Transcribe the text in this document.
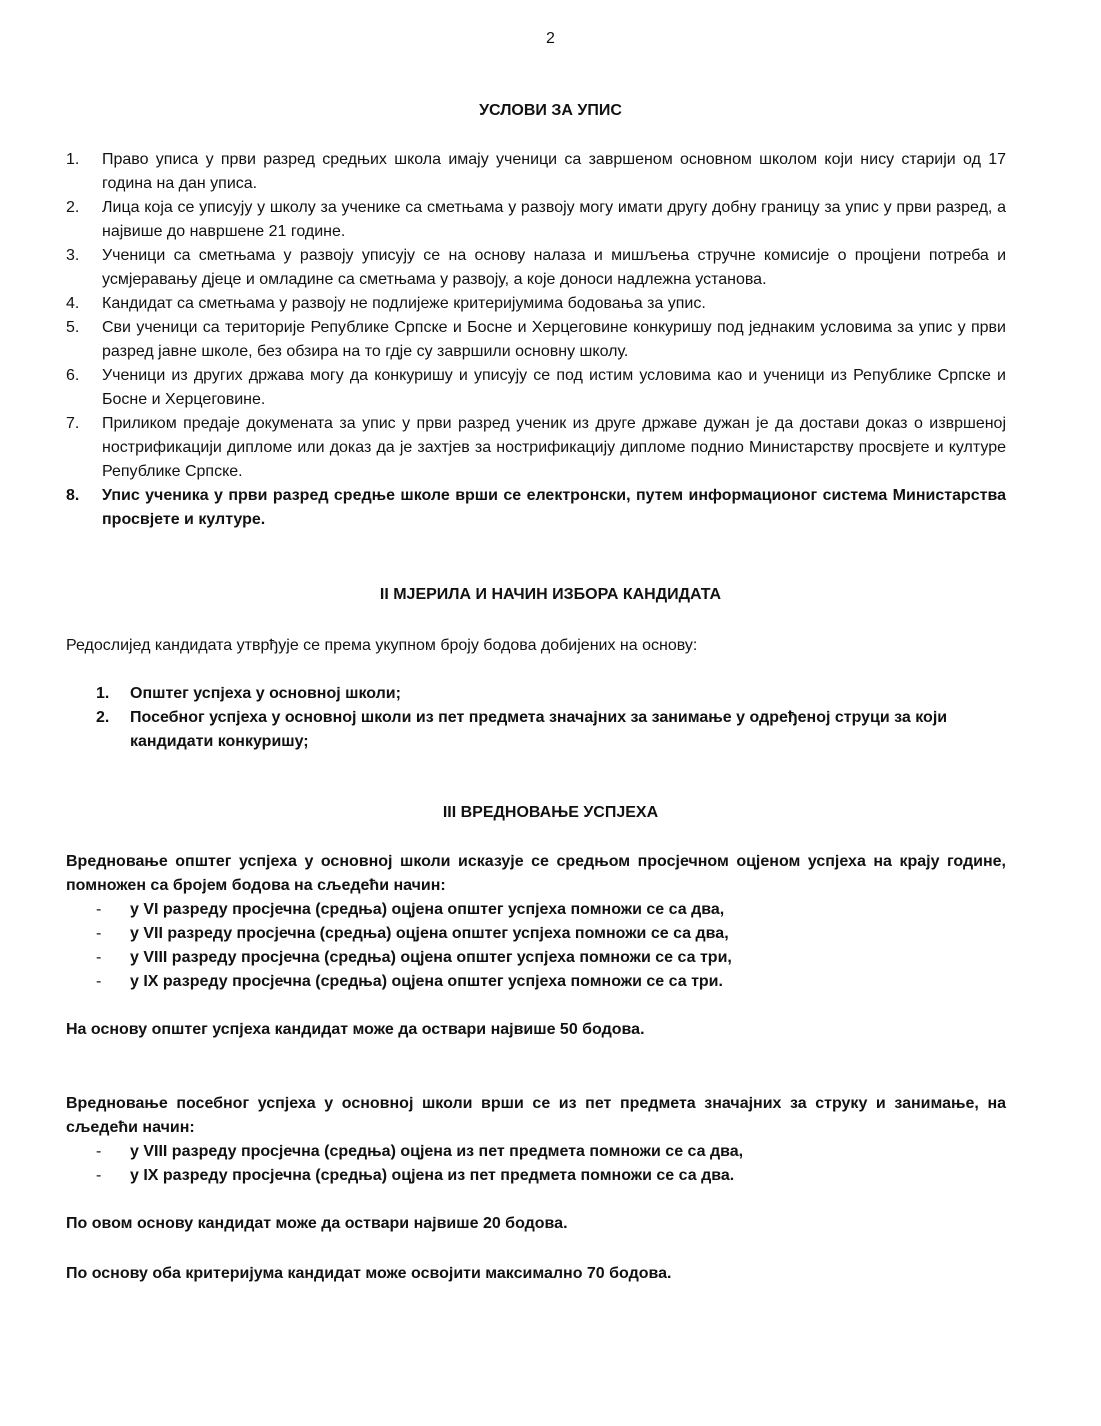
2
УСЛОВИ ЗА УПИС
1.	Право уписа у први разред средњих школа имају ученици са завршеном основном школом који нису старији од 17 година на дан уписа.
2.	Лица која се уписују у школу за ученике са сметњама у развоју могу имати другу добну границу за упис у први разред, а највише до навршене 21 године.
3.	Ученици са сметњама у развоју уписују се на основу налаза и мишљења стручне комисије о процјени потреба и усмјеравању дјеце и омладине са сметњама у развоју, а које доноси надлежна установа.
4.	Кандидат са сметњама у развоју не подлијеже критеријумима бодовања за упис.
5.	Сви ученици са територије Републике Српске и Босне и Херцеговине конкуришу под једнаким условима за упис у први разред јавне школе, без обзира на то гдје су завршили основну школу.
6.	Ученици из других држава могу да конкуришу и уписују се под истим условима као и ученици из Републике Српске и Босне и Херцеговине.
7.	Приликом предаје докумената за упис у први разред ученик из друге државе дужан је да достави доказ о извршеној нострификацији дипломе или доказ да је захтјев за нострификацију дипломе поднио Министарству просвјете и културе Републике Српске.
8.	Упис ученика у први разред средње школе врши се електронски, путем информационог система Министарства просвјете и културе.
II МЈЕРИЛА И НАЧИН ИЗБОРА КАНДИДАТА

Редослијед кандидата утврђује се према укупном броју бодова добијених на основу:

1.	Општег успјеха у основној школи;
2.	Посебног успјеха у основној школи из пет предмета значајних за занимање у одређеној струци за који кандидати конкуришу;
III ВРЕДНОВАЊЕ УСПЈЕХА

Вредновање општег успјеха у основној школи исказује се средњом просјечном оцјеном успјеха на крају године, помножен са бројем бодова на сљедећи начин:

-	у VI разреду просјечна (средња) оцјена општег успјеха помножи се са два,
-	у VII разреду просјечна (средња) оцјена општег успјеха помножи се са два,
-	у VIII разреду просјечна (средња) оцјена општег успјеха помножи се са три,
-	у IX разреду просјечна (средња) оцјена општег успјеха помножи се са три.

На основу општег успјеха кандидат може да оствари највише 50 бодова.

Вредновање посебног успјеха у основној школи врши се из пет предмета значајних за струку и занимање, на сљедећи начин:

-	у VIII разреду просјечна (средња) оцјена из пет предмета помножи се са два,
-	у IX разреду просјечна (средња) оцјена из пет предмета помножи се са два.

По овом основу кандидат може да оствари највише 20 бодова.

По основу оба критеријума кандидат може освојити максимално 70 бодова.
